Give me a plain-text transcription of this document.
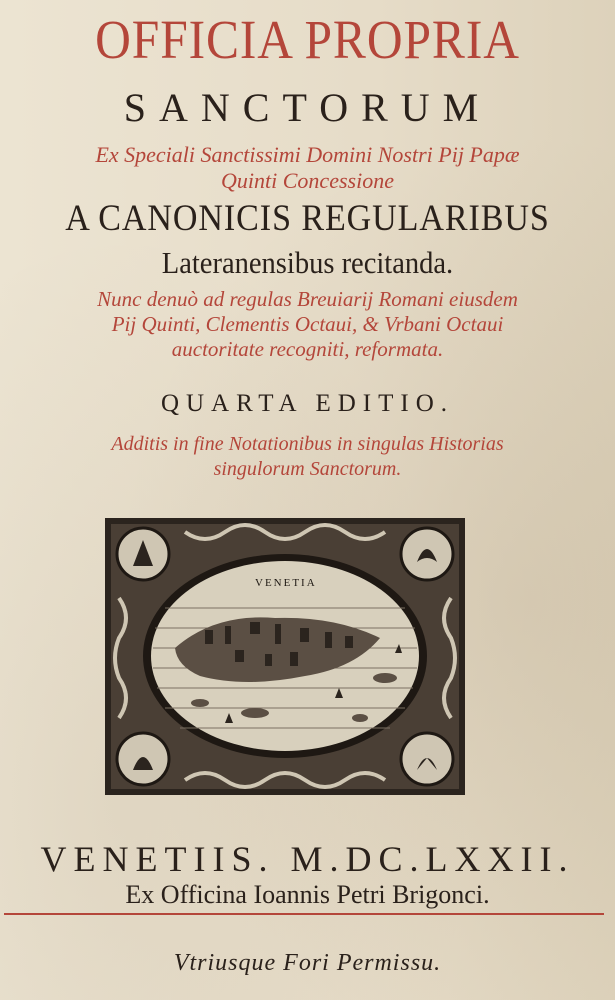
OFFICIA PROPRIA

SANCTORUM

Ex Speciali Sanctissimi Domini Nostri Pij Papæ

Quinti Concessione

A CANONICIS REGULARIBUS

Lateranensibus recitanda.

Nunc denuò ad regulas Breuiarij Romani eiusdem

Pij Quinti, Clementis Octaui, & Vrbani Octaui

auctoritate recogniti, reformata.

QUARTA EDITIO.

Additis in fine Notationibus in singulas Historias

singulorum Sanctorum.

VENETIA

VENETIIS. M.DC.LXXII.

Ex Officina Ioannis Petri Brigonci.

Vtriusque Fori Permissu.
